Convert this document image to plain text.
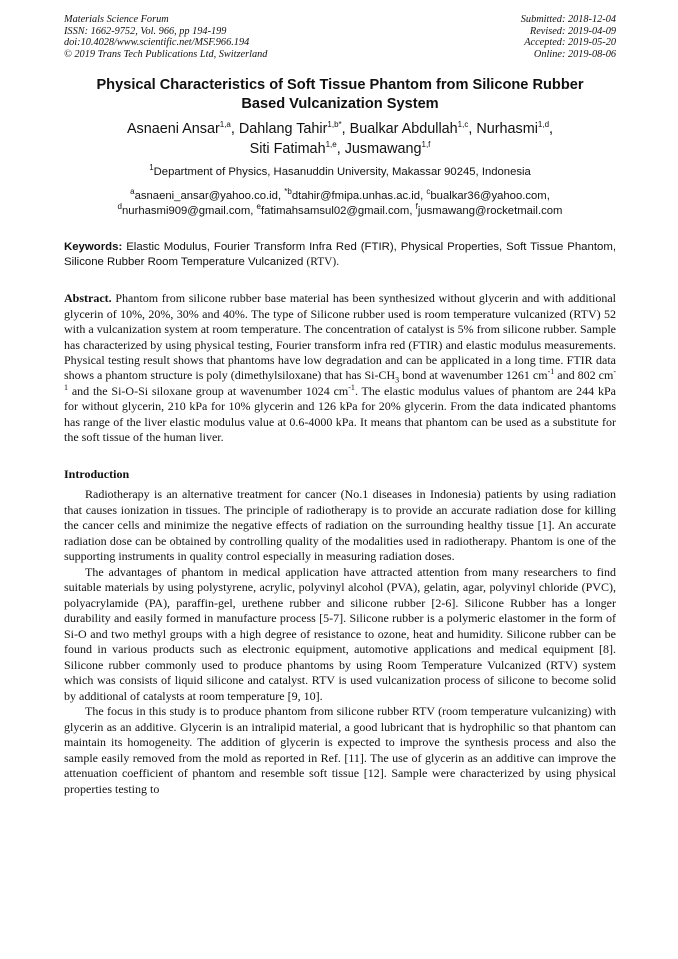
Materials Science Forum
ISSN: 1662-9752, Vol. 966, pp 194-199
doi:10.4028/www.scientific.net/MSF.966.194
© 2019 Trans Tech Publications Ltd, Switzerland
Submitted: 2018-12-04
Revised: 2019-04-09
Accepted: 2019-05-20
Online: 2019-08-06
Physical Characteristics of Soft Tissue Phantom from Silicone Rubber
Based Vulcanization System
Asnaeni Ansar$^{1,a}$, Dahlang Tahir$^{1,b*}$, Bualkar Abdullah$^{1,c}$, Nurhasmi$^{1,d}$,
Siti Fatimah$^{1,e}$, Jusmawang$^{1,f}$
$^1$Department of Physics, Hasanuddin University, Makassar 90245, Indonesia
$^a$asnaeni_ansar@yahoo.co.id, $^{*b}$dtahir@fmipa.unhas.ac.id, $^c$bualkar36@yahoo.com,
$^d$nurhasmi909@gmail.com, $^e$fatimahsamsul02@gmail.com, $^f$jusmawang@rocketmail.com
Keywords: Elastic Modulus, Fourier Transform Infra Red (FTIR), Physical Properties, Soft Tissue Phantom, Silicone Rubber Room Temperature Vulcanized (RTV).
Abstract. Phantom from silicone rubber base material has been synthesized without glycerin and with additional glycerin of 10%, 20%, 30% and 40%. The type of Silicone rubber used is room temperature vulcanized (RTV) 52 with a vulcanization system at room temperature. The concentration of catalyst is 5% from silicone rubber. Sample has characterized by using physical testing, Fourier transform infra red (FTIR) and elastic modulus measurements. Physical testing result shows that phantoms have low degradation and can be applicated in a long time. FTIR data shows a phantom structure is poly (dimethylsiloxane) that has $Si-CH_3$ bond at wavenumber 1261 $cm^{-1}$ and 802 $cm^{-1}$ and the Si-O-Si siloxane group at wavenumber 1024 $cm^{-1}$. The elastic modulus values of phantom are 244 kPa for without glycerin, 210 kPa for 10% glycerin and 126 kPa for 20% glycerin. From the data indicated phantoms has range of the liver elastic modulus value at 0.6-4000 kPa. It means that phantom can be used as a substitute for the soft tissue of the human liver.
Introduction
Radiotherapy is an alternative treatment for cancer (No.1 diseases in Indonesia) patients by using radiation that causes ionization in tissues. The principle of radiotherapy is to provide an accurate radiation dose for killing the cancer cells and minimize the negative effects of radiation on the surrounding healthy tissue [1]. An accurate radiation dose can be obtained by controlling quality of the modalities used in radiotherapy. Phantom is one of the supporting instruments in quality control especially in measuring radiation doses.
The advantages of phantom in medical application have attracted attention from many researchers to find suitable materials by using polystyrene, acrylic, polyvinyl alcohol (PVA), gelatin, agar, polyvinyl chloride (PVC), polyacrylamide (PA), paraffin-gel, urethene rubber and silicone rubber [2-6]. Silicone Rubber has a longer durability and easily formed in manufacture process [5-7]. Silicone rubber is a polymeric elastomer in the form of Si-O and two methyl groups with a high degree of resistance to ozone, heat and humidity. Silicone rubber can be found in various products such as electronic equipment, automotive applications and medical equipment [8]. Silicone rubber commonly used to produce phantoms by using Room Temperature Vulcanized (RTV) system which was consists of liquid silicone and catalyst. RTV is used vulcanization process of silicone to become solid by additional of catalysts at room temperature [9, 10].
The focus in this study is to produce phantom from silicone rubber RTV (room temperature vulcanizing) with glycerin as an additive. Glycerin is an intralipid material, a good lubricant that is hydrophilic so that phantom can maintain its homogeneity. The addition of glycerin is expected to improve the synthesis process and also the sample easily removed from the mold as reported in Ref. [11]. The use of glycerin as an additive can improve the attenuation coefficient of phantom and resemble soft tissue [12]. Sample were characterized by using physical properties testing to
